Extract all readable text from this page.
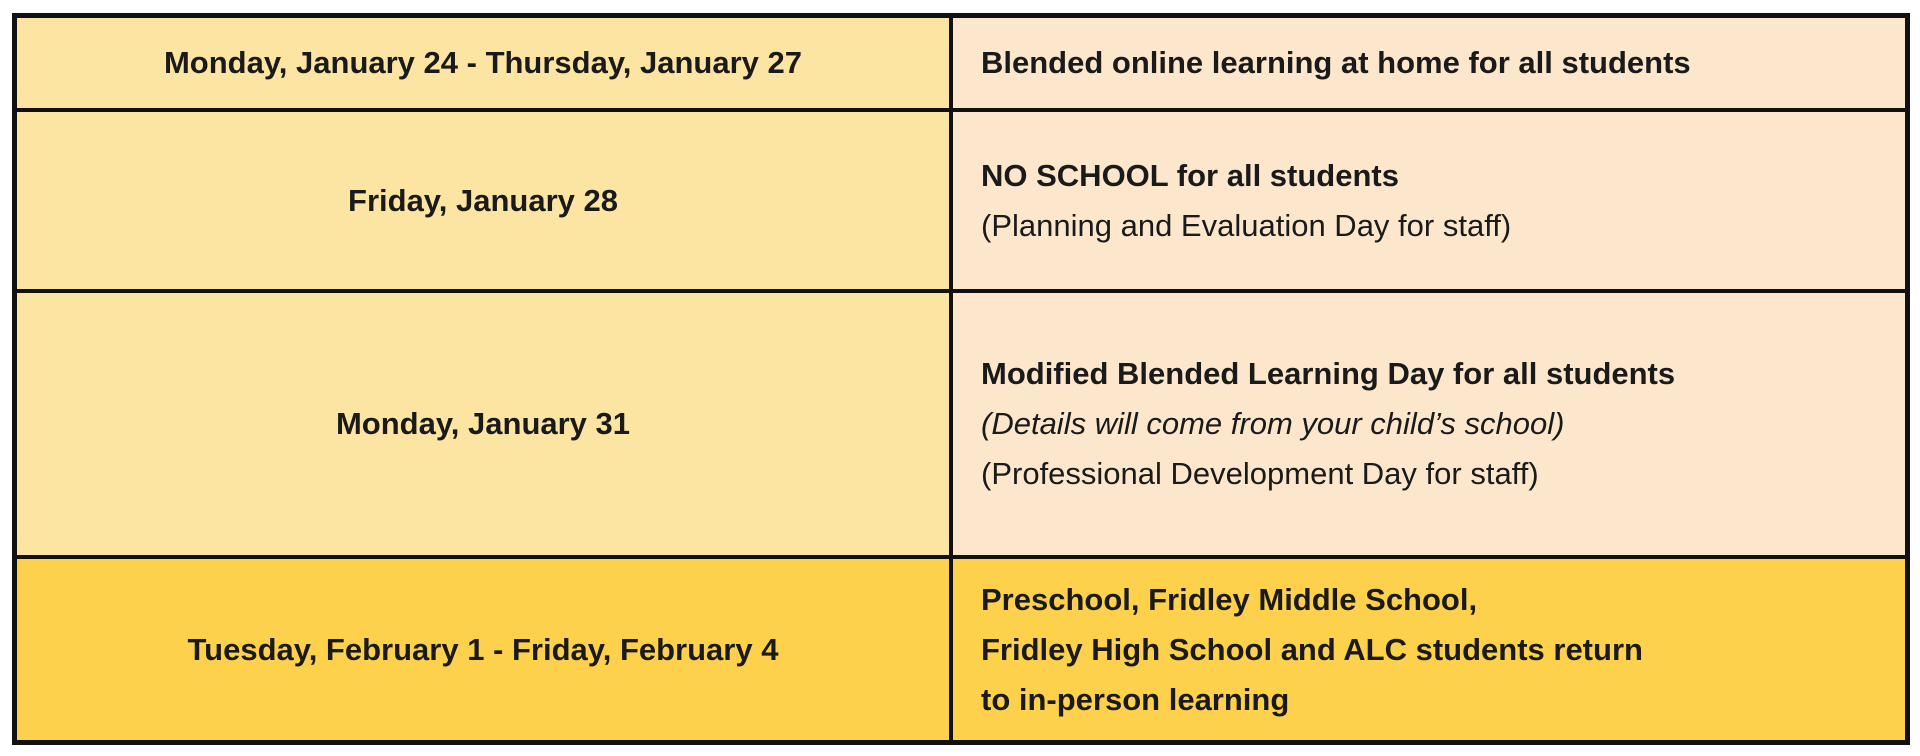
Monday, January 24 - Thursday, January 27	Blended online learning at home for all students
Friday, January 28
NO SCHOOL for all students
(Planning and Evaluation Day for staff)
Monday, January 31
Modified Blended Learning Day for all students
(Details will come from your child’s school)
(Professional Development Day for staff)
Tuesday, February 1 - Friday, February 4
Preschool, Fridley Middle School,
Fridley High School and ALC students return
to in-person learning
